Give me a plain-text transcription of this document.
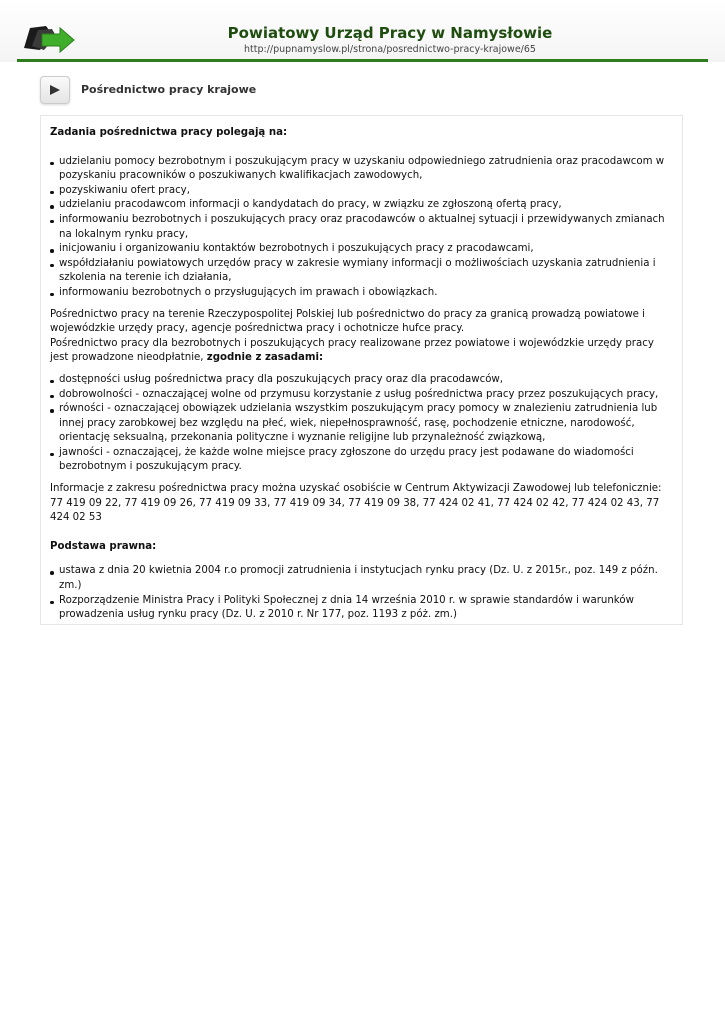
Powiatowy Urząd Pracy w Namysłowie
http://pupnamyslow.pl/strona/posrednictwo-pracy-krajowe/65
Pośrednictwo pracy krajowe

Zadania pośrednictwa pracy polegają na:

udzielaniu pomocy bezrobotnym i poszukującym pracy w uzyskaniu odpowiedniego zatrudnienia oraz pracodawcom w pozyskaniu pracowników o poszukiwanych kwalifikacjach zawodowych,
pozyskiwaniu ofert pracy,
udzielaniu pracodawcom informacji o kandydatach do pracy, w związku ze zgłoszoną ofertą pracy,
informowaniu bezrobotnych i poszukujących pracy oraz pracodawców o aktualnej sytuacji i przewidywanych zmianach na lokalnym rynku pracy,
inicjowaniu i organizowaniu kontaktów bezrobotnych i poszukujących pracy z pracodawcami,
współdziałaniu powiatowych urzędów pracy w zakresie wymiany informacji o możliwościach uzyskania zatrudnienia i szkolenia na terenie ich działania,
informowaniu bezrobotnych o przysługujących im prawach i obowiązkach.

Pośrednictwo pracy na terenie Rzeczypospolitej Polskiej lub pośrednictwo do pracy za granicą prowadzą powiatowe i wojewódzkie urzędy pracy, agencje pośrednictwa pracy i ochotnicze hufce pracy.

Pośrednictwo pracy dla bezrobotnych i poszukujących pracy realizowane przez powiatowe i wojewódzkie urzędy pracy jest prowadzone nieodpłatnie, zgodnie z zasadami:

dostępności usług pośrednictwa pracy dla poszukujących pracy oraz dla pracodawców,
dobrowolności - oznaczającej wolne od przymusu korzystanie z usług pośrednictwa pracy przez poszukujących pracy,
równości - oznaczającej obowiązek udzielania wszystkim poszukującym pracy pomocy w znalezieniu zatrudnienia lub innej pracy zarobkowej bez względu na płeć, wiek, niepełnosprawność, rasę, pochodzenie etniczne, narodowość, orientację seksualną, przekonania polityczne i wyznanie religijne lub przynależność związkową,
jawności - oznaczającej, że każde wolne miejsce pracy zgłoszone do urzędu pracy jest podawane do wiadomości bezrobotnym i poszukującym pracy.

Informacje z zakresu pośrednictwa pracy można uzyskać osobiście w Centrum Aktywizacji Zawodowej lub telefonicznie:

77 419 09 22, 77 419 09 26, 77 419 09 33, 77 419 09 34, 77 419 09 38, 77 424 02 41, 77 424 02 42, 77 424 02 43, 77 424 02 53

Podstawa prawna:

ustawa z dnia 20 kwietnia 2004 r.o promocji zatrudnienia i instytucjach rynku pracy (Dz. U. z 2015r., poz. 149 z późn. zm.)
Rozporządzenie Ministra Pracy i Polityki Społecznej z dnia 14 września 2010 r. w sprawie standardów i warunków prowadzenia usług rynku pracy (Dz. U. z 2010 r. Nr 177, poz. 1193 z póż. zm.)
